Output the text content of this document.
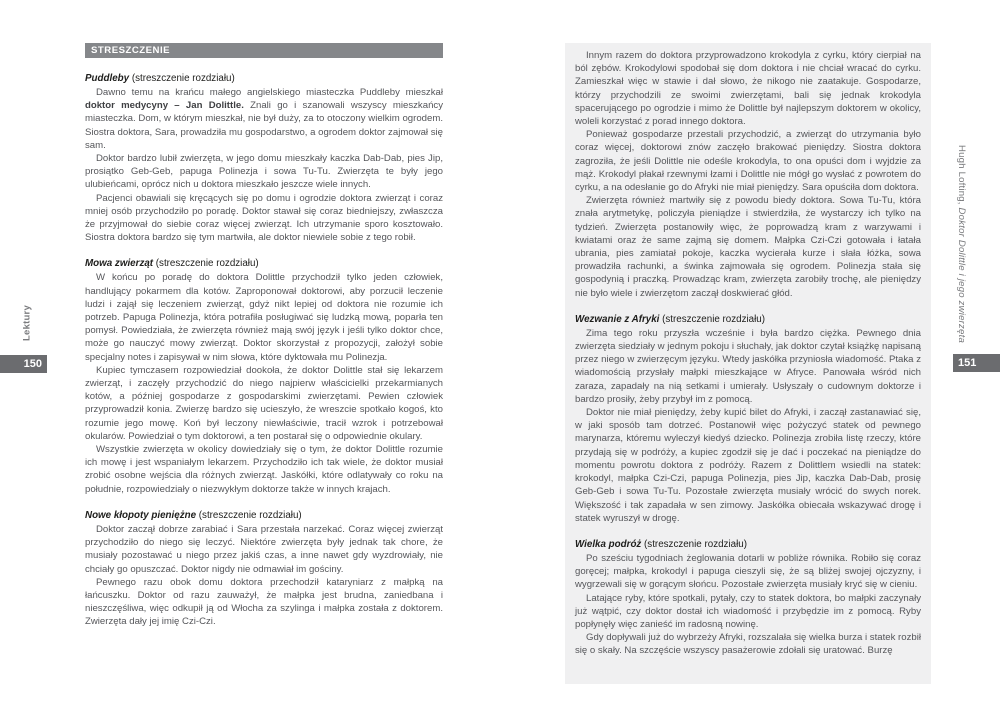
Lektury
150
STRESZCZENIE
Puddleby (streszczenie rozdziału)

Dawno temu na krańcu małego angielskiego miasteczka Puddleby mieszkał doktor medycyny – Jan Dolittle. Znali go i szanowali wszyscy mieszkańcy miasteczka. Dom, w którym mieszkał, nie był duży, za to otoczony wielkim ogrodem. Siostra doktora, Sara, prowadziła mu gospodarstwo, a ogrodem doktor zajmował się sam.

Doktor bardzo lubił zwierzęta, w jego domu mieszkały kaczka Dab-Dab, pies Jip, prosiątko Geb-Geb, papuga Polinezja i sowa Tu-Tu. Zwierzęta te były jego ulubieńcami, oprócz nich u doktora mieszkało jeszcze wiele innych.

Pacjenci obawiali się kręcących się po domu i ogrodzie doktora zwierząt i coraz mniej osób przychodziło po poradę. Doktor stawał się coraz biedniejszy, zwłaszcza że przyjmował do siebie coraz więcej zwierząt. Ich utrzymanie sporo kosztowało. Siostra doktora bardzo się tym martwiła, ale doktor niewiele sobie z tego robił.

Mowa zwierząt (streszczenie rozdziału)

W końcu po poradę do doktora Dolittle przychodził tylko jeden człowiek, handlujący pokarmem dla kotów. Zaproponował doktorowi, aby porzucił leczenie ludzi i zajął się leczeniem zwierząt, gdyż nikt lepiej od doktora nie rozumie ich potrzeb. Papuga Polinezja, która potrafiła posługiwać się ludzką mową, poparła ten pomysł. Powiedziała, że zwierzęta również mają swój język i jeśli tylko doktor chce, może go nauczyć mowy zwierząt. Doktor skorzystał z propozycji, założył sobie specjalny notes i zapisywał w nim słowa, które dyktowała mu Polinezja.

Kupiec tymczasem rozpowiedział dookoła, że doktor Dolittle stał się lekarzem zwierząt, i zaczęły przychodzić do niego najpierw właścicielki przekarmianych kotów, a później gospodarze z gospodarskimi zwierzętami. Pewien człowiek przyprowadził konia. Zwierzę bardzo się ucieszyło, że wreszcie spotkało kogoś, kto rozumie jego mowę. Koń był leczony niewłaściwie, tracił wzrok i potrzebował okularów. Powiedział o tym doktorowi, a ten postarał się o odpowiednie okulary.

Wszystkie zwierzęta w okolicy dowiedziały się o tym, że doktor Dolittle rozumie ich mowę i jest wspaniałym lekarzem. Przychodziło ich tak wiele, że doktor musiał zrobić osobne wejścia dla różnych zwierząt. Jaskółki, które odlatywały co roku na południe, rozpowiedziały o niezwykłym doktorze także w innych krajach.

Nowe kłopoty pieniężne (streszczenie rozdziału)

Doktor zaczął dobrze zarabiać i Sara przestała narzekać. Coraz więcej zwierząt przychodziło do niego się leczyć. Niektóre zwierzęta były jednak tak chore, że musiały pozostawać u niego przez jakiś czas, a inne nawet gdy wyzdrowiały, nie chciały go opuszczać. Doktor nigdy nie odmawiał im gościny.

Pewnego razu obok domu doktora przechodził kataryniarz z małpką na łańcuszku. Doktor od razu zauważył, że małpka jest brudna, zaniedbana i nieszczęśliwa, więc odkupił ją od Włocha za szylinga i małpka została z doktorem. Zwierzęta dały jej imię Czi-Czi.

Innym razem do doktora przyprowadzono krokodyla z cyrku, który cierpiał na ból zębów. Krokodylowi spodobał się dom doktora i nie chciał wracać do cyrku. Zamieszkał więc w stawie i dał słowo, że nikogo nie zaatakuje. Gospodarze, którzy przychodzili ze swoimi zwierzętami, bali się jednak krokodyla spacerującego po ogrodzie i mimo że Dolittle był najlepszym doktorem w okolicy, woleli korzystać z porad innego doktora.

Ponieważ gospodarze przestali przychodzić, a zwierząt do utrzymania było coraz więcej, doktorowi znów zaczęło brakować pieniędzy. Siostra doktora zagroziła, że jeśli Dolittle nie odeśle krokodyla, to ona opuści dom i wyjdzie za mąż. Krokodyl płakał rzewnymi łzami i Dolittle nie mógł go wysłać z powrotem do cyrku, a na odesłanie go do Afryki nie miał pieniędzy. Sara opuściła dom doktora.

Zwierzęta również martwiły się z powodu biedy doktora. Sowa Tu-Tu, która znała arytmetykę, policzyła pieniądze i stwierdziła, że wystarczy ich tylko na tydzień. Zwierzęta postanowiły więc, że poprowadzą kram z warzywami i kwiatami oraz że same zajmą się domem. Małpka Czi-Czi gotowała i łatała ubrania, pies zamiatał pokoje, kaczka wycierała kurze i słała łóżka, sowa prowadziła rachunki, a świnka zajmowała się ogrodem. Polinezja stała się gospodynią i praczką. Prowadząc kram, zwierzęta zarobiły trochę, ale pieniędzy nie było wiele i zwierzętom zaczął doskwierać głód.

Wezwanie z Afryki (streszczenie rozdziału)

Zima tego roku przyszła wcześnie i była bardzo ciężka. Pewnego dnia zwierzęta siedziały w jednym pokoju i słuchały, jak doktor czytał książkę napisaną przez niego w zwierzęcym języku. Wtedy jaskółka przyniosła wiadomość. Ptaka z wiadomością przysłały małpki mieszkające w Afryce. Panowała wśród nich zaraza, zapadały na nią setkami i umierały. Usłyszały o cudownym doktorze i bardzo prosiły, żeby przybył im z pomocą.

Doktor nie miał pieniędzy, żeby kupić bilet do Afryki, i zaczął zastanawiać się, w jaki sposób tam dotrzeć. Postanowił więc pożyczyć statek od pewnego marynarza, któremu wyleczył kiedyś dziecko. Polinezja zrobiła listę rzeczy, które przydają się w podróży, a kupiec zgodził się je dać i poczekać na pieniądze do momentu powrotu doktora z podróży. Razem z Dolittlem wsiedli na statek: krokodyl, małpka Czi-Czi, papuga Polinezja, pies Jip, kaczka Dab-Dab, prosię Geb-Geb i sowa Tu-Tu. Pozostałe zwierzęta musiały wrócić do swych norek. Większość i tak zapadała w sen zimowy. Jaskółka obiecała wskazywać drogę i statek wyruszył w drogę.

Wielka podróż (streszczenie rozdziału)

Po sześciu tygodniach żeglowania dotarli w pobliże równika. Robiło się coraz goręcej; małpka, krokodyl i papuga cieszyli się, że są bliżej swojej ojczyzny, i wygrzewali się w gorącym słońcu. Pozostałe zwierzęta musiały kryć się w cieniu.

Latające ryby, które spotkali, pytały, czy to statek doktora, bo małpki zaczynały już wątpić, czy doktor dostał ich wiadomość i przybędzie im z pomocą. Ryby popłynęły więc zanieść im radosną nowinę.

Gdy dopływali już do wybrzeży Afryki, rozszalała się wielka burza i statek rozbił się o skały. Na szczęście wszyscy pasażerowie zdołali się uratować. Burzę

Hugh Lofting, Doktor Dolittle i jego zwierzęta
151
